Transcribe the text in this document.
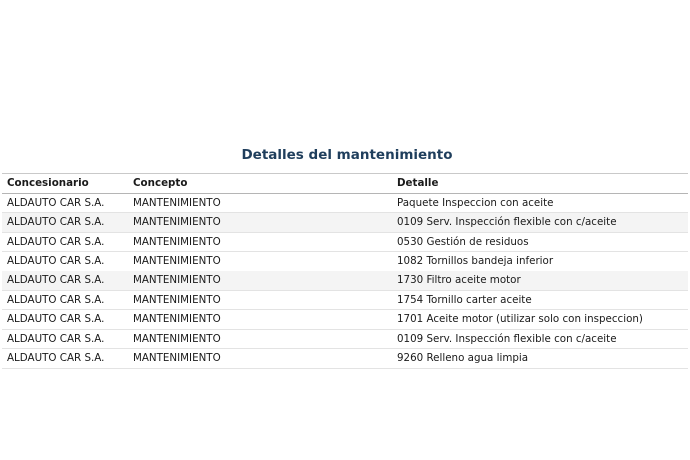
Detalles del mantenimiento
Concesionario	Concepto	Detalle
ALDAUTO CAR S.A.	MANTENIMIENTO	Paquete Inspeccion con aceite
ALDAUTO CAR S.A.	MANTENIMIENTO	0109 Serv. Inspección flexible con c/aceite
ALDAUTO CAR S.A.	MANTENIMIENTO	0530 Gestión de residuos
ALDAUTO CAR S.A.	MANTENIMIENTO	1082 Tornillos bandeja inferior
ALDAUTO CAR S.A.	MANTENIMIENTO	1730 Filtro aceite motor
ALDAUTO CAR S.A.	MANTENIMIENTO	1754 Tornillo carter aceite
ALDAUTO CAR S.A.	MANTENIMIENTO	1701 Aceite motor (utilizar solo con inspeccion)
ALDAUTO CAR S.A.	MANTENIMIENTO	0109 Serv. Inspección flexible con c/aceite
ALDAUTO CAR S.A.	MANTENIMIENTO	9260 Relleno agua limpia
